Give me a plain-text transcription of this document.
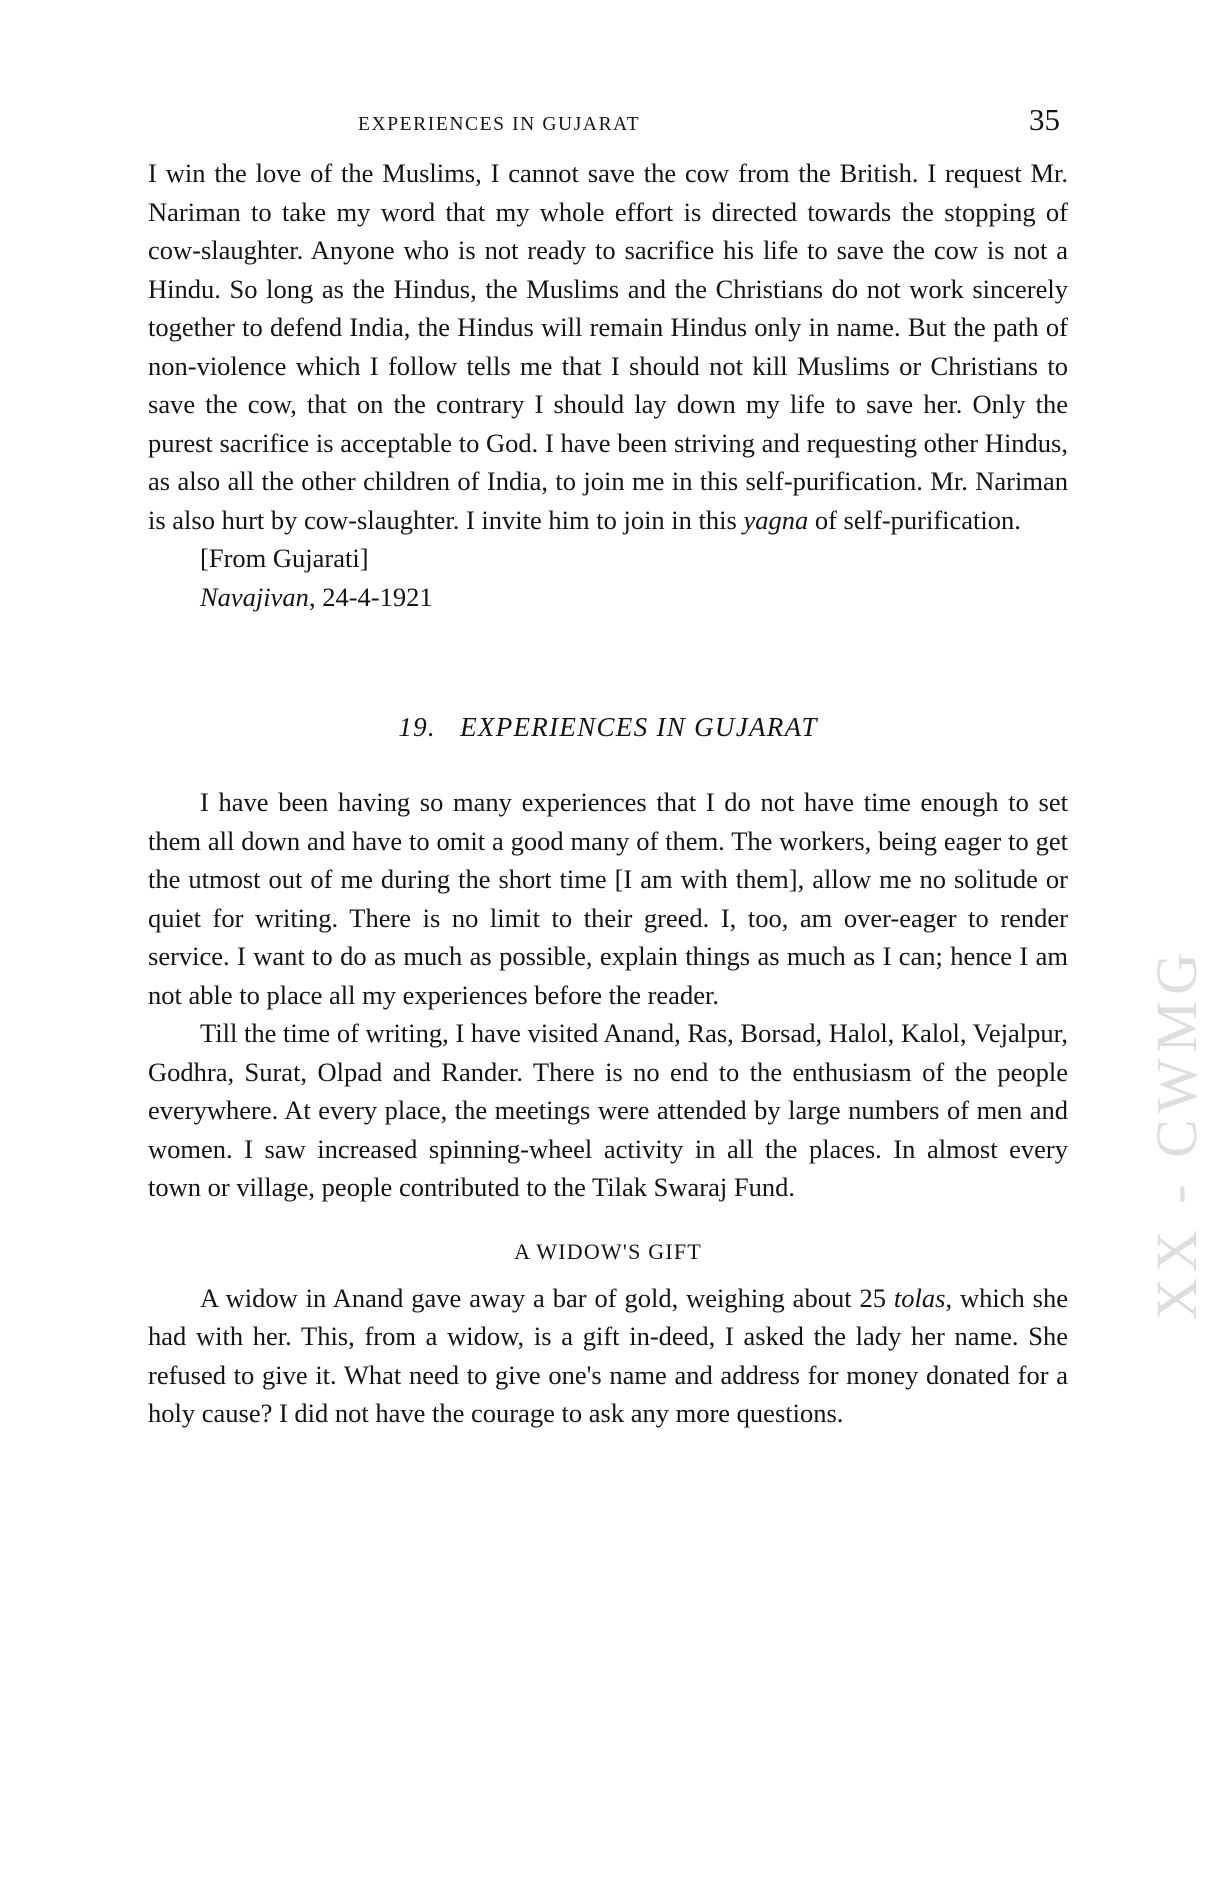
XX - CWMG
EXPERIENCES IN GUJARAT	35

I win the love of the Muslims, I cannot save the cow from the British. I request Mr. Nariman to take my word that my whole effort is directed towards the stopping of cow-slaughter. Anyone who is not ready to sacrifice his life to save the cow is not a Hindu. So long as the Hindus, the Muslims and the Christians do not work sincerely together to defend India, the Hindus will remain Hindus only in name. But the path of non-violence which I follow tells me that I should not kill Muslims or Christians to save the cow, that on the contrary I should lay down my life to save her. Only the purest sacrifice is acceptable to God. I have been striving and requesting other Hindus, as also all the other children of India, to join me in this self-purification. Mr. Nariman is also hurt by cow-slaughter. I invite him to join in this yagna of self-purification.

[From Gujarati]

Navajivan, 24-4-1921

19. EXPERIENCES IN GUJARAT

I have been having so many experiences that I do not have time enough to set them all down and have to omit a good many of them. The workers, being eager to get the utmost out of me during the short time [I am with them], allow me no solitude or quiet for writing. There is no limit to their greed. I, too, am over-eager to render service. I want to do as much as possible, explain things as much as I can; hence I am not able to place all my experiences before the reader.

Till the time of writing, I have visited Anand, Ras, Borsad, Halol, Kalol, Vejalpur, Godhra, Surat, Olpad and Rander. There is no end to the enthusiasm of the people everywhere. At every place, the meetings were attended by large numbers of men and women. I saw increased spinning-wheel activity in all the places. In almost every town or village, people contributed to the Tilak Swaraj Fund.

A WIDOW'S GIFT

A widow in Anand gave away a bar of gold, weighing about 25 tolas, which she had with her. This, from a widow, is a gift in-deed, I asked the lady her name. She refused to give it. What need to give one's name and address for money donated for a holy cause? I did not have the courage to ask any more questions.
